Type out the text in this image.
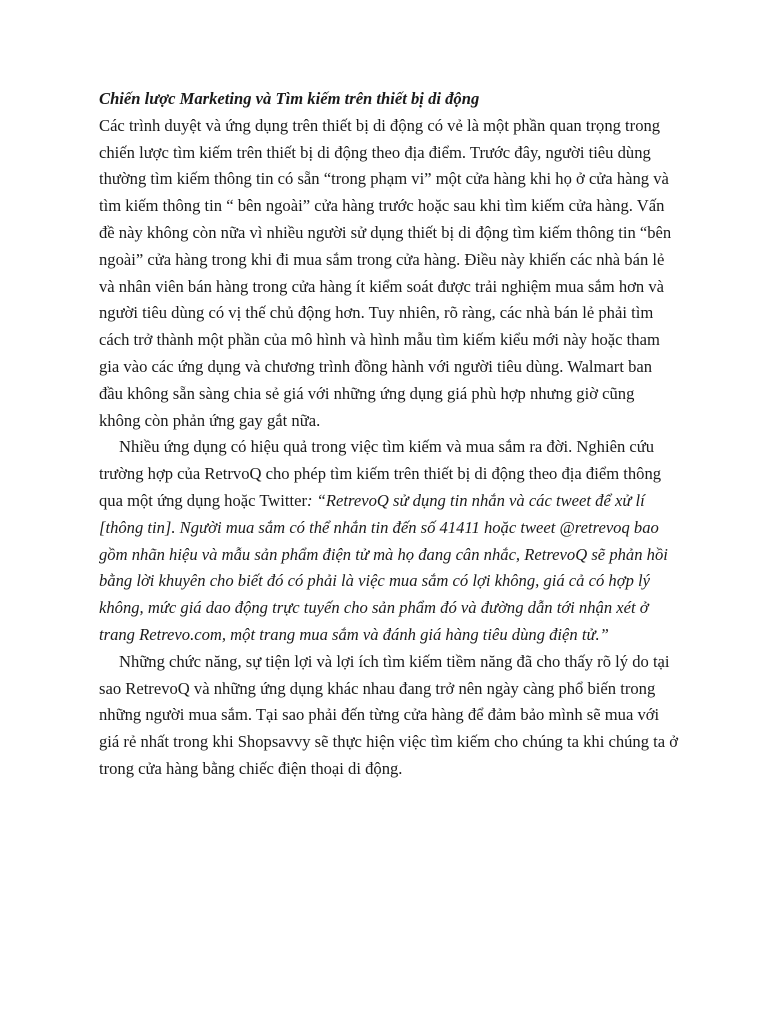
Chiến lược Marketing và Tìm kiếm trên thiết bị di động

Các trình duyệt và ứng dụng trên thiết bị di động có vẻ là một phần quan trọng trong chiến lược tìm kiếm trên thiết bị di động theo địa điểm. Trước đây, người tiêu dùng thường tìm kiếm thông tin có sẵn “trong phạm vi” một cửa hàng khi họ ở cửa hàng và tìm kiếm thông tin “ bên ngoài” cửa hàng trước hoặc sau khi tìm kiếm cửa hàng. Vấn đề này không còn nữa vì nhiều người sử dụng thiết bị di động tìm kiếm thông tin “bên ngoài” cửa hàng trong khi đi mua sắm trong cửa hàng. Điều này khiến các nhà bán lẻ và nhân viên bán hàng trong cửa hàng ít kiểm soát được trải nghiệm mua sắm hơn và người tiêu dùng có vị thế chủ động hơn. Tuy nhiên, rõ ràng, các nhà bán lẻ phải tìm cách trở thành một phần của mô hình và hình mẫu tìm kiếm kiểu mới này hoặc tham gia vào các ứng dụng và chương trình đồng hành với người tiêu dùng. Walmart ban đầu không sẵn sàng chia sẻ giá với những ứng dụng giá phù hợp nhưng giờ cũng không còn phản ứng gay gắt nữa.

Nhiều ứng dụng có hiệu quả trong việc tìm kiếm và mua sắm ra đời. Nghiên cứu trường hợp của RetrvoQ cho phép tìm kiếm trên thiết bị di động theo địa điểm thông qua một ứng dụng hoặc Twitter: “RetrevoQ sử dụng tin nhắn và các tweet để xử lí [thông tin]. Người mua sắm có thể nhắn tin đến số 41411 hoặc tweet @retrevoq bao gồm nhãn hiệu và mẫu sản phẩm điện tử mà họ đang cân nhắc, RetrevoQ sẽ phản hồi bằng lời khuyên cho biết đó có phải là việc mua sắm có lợi không, giá cả có hợp lý không, mức giá dao động trực tuyến cho sản phẩm đó và đường dẫn tới nhận xét ở trang Retrevo.com, một trang mua sắm và đánh giá hàng tiêu dùng điện tử.”

Những chức năng, sự tiện lợi và lợi ích tìm kiếm tiềm năng đã cho thấy rõ lý do tại sao RetrevoQ và những ứng dụng khác nhau đang trở nên ngày càng phổ biến trong những người mua sắm. Tại sao phải đến từng cửa hàng để đảm bảo mình sẽ mua với giá rẻ nhất trong khi Shopsavvy sẽ thực hiện việc tìm kiếm cho chúng ta khi chúng ta ở trong cửa hàng bằng chiếc điện thoại di động.
